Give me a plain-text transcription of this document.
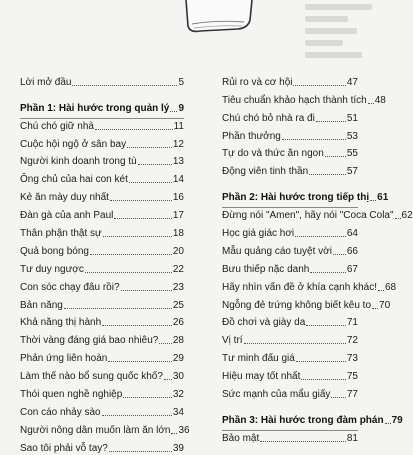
Lời mở đầu	5
Phần 1: Hài hước trong quản lý 9
Chú chó giữ nhà	11
Cuộc hội ngộ ở sân bay	12
Người kinh doanh trong tù	13
Ông chủ của hai con két	14
Kẻ ăn mày duy nhất	16
Đàn gà của anh Paul	17
Thân phận thật sự	18
Quả bong bóng	20
Tư duy ngược	22
Con sóc chạy đâu rồi?	23
Bản năng	25
Khả năng thị hành	26
Thời vàng đáng giá bao nhiêu? 28
Phản ứng liên hoàn	29
Làm thế nào bổ sung quốc khố? 30
Thói quen nghề nghiệp	32
Con cáo nhảy sào	34
Người nông dân muốn làm ăn lớn 36
Sao tôi phải vỗ tay?	39
Rủi ro và cơ hội	47
Tiêu chuẩn khảo hạch thành tích 48
Chú chó bỏ nhà ra đi	51
Phần thưởng	53
Tự do và thức ăn ngon 55
Động viên tinh thần	57
Phần 2: Hài hước trong tiếp thị 61
Đừng nói "Amen", hãy nói "Coca Cola" 62
Học giá giác hơi	64
Mẫu quảng cáo tuyệt vời 66
Bưu thiếp nặc danh	67
Hãy nhìn vấn đề ở khía cạnh khác! 68
Ngỗng đẻ trứng không biết kêu to 70
Đồ chơi và giày da	71
Vị trí	72
Tư minh đấu giá	73
Hiệu may tốt nhất	75
Sức mạnh của mẩu giấy 77
Phần 3: Hài hước trong đàm phán 79
Bảo mật	81
